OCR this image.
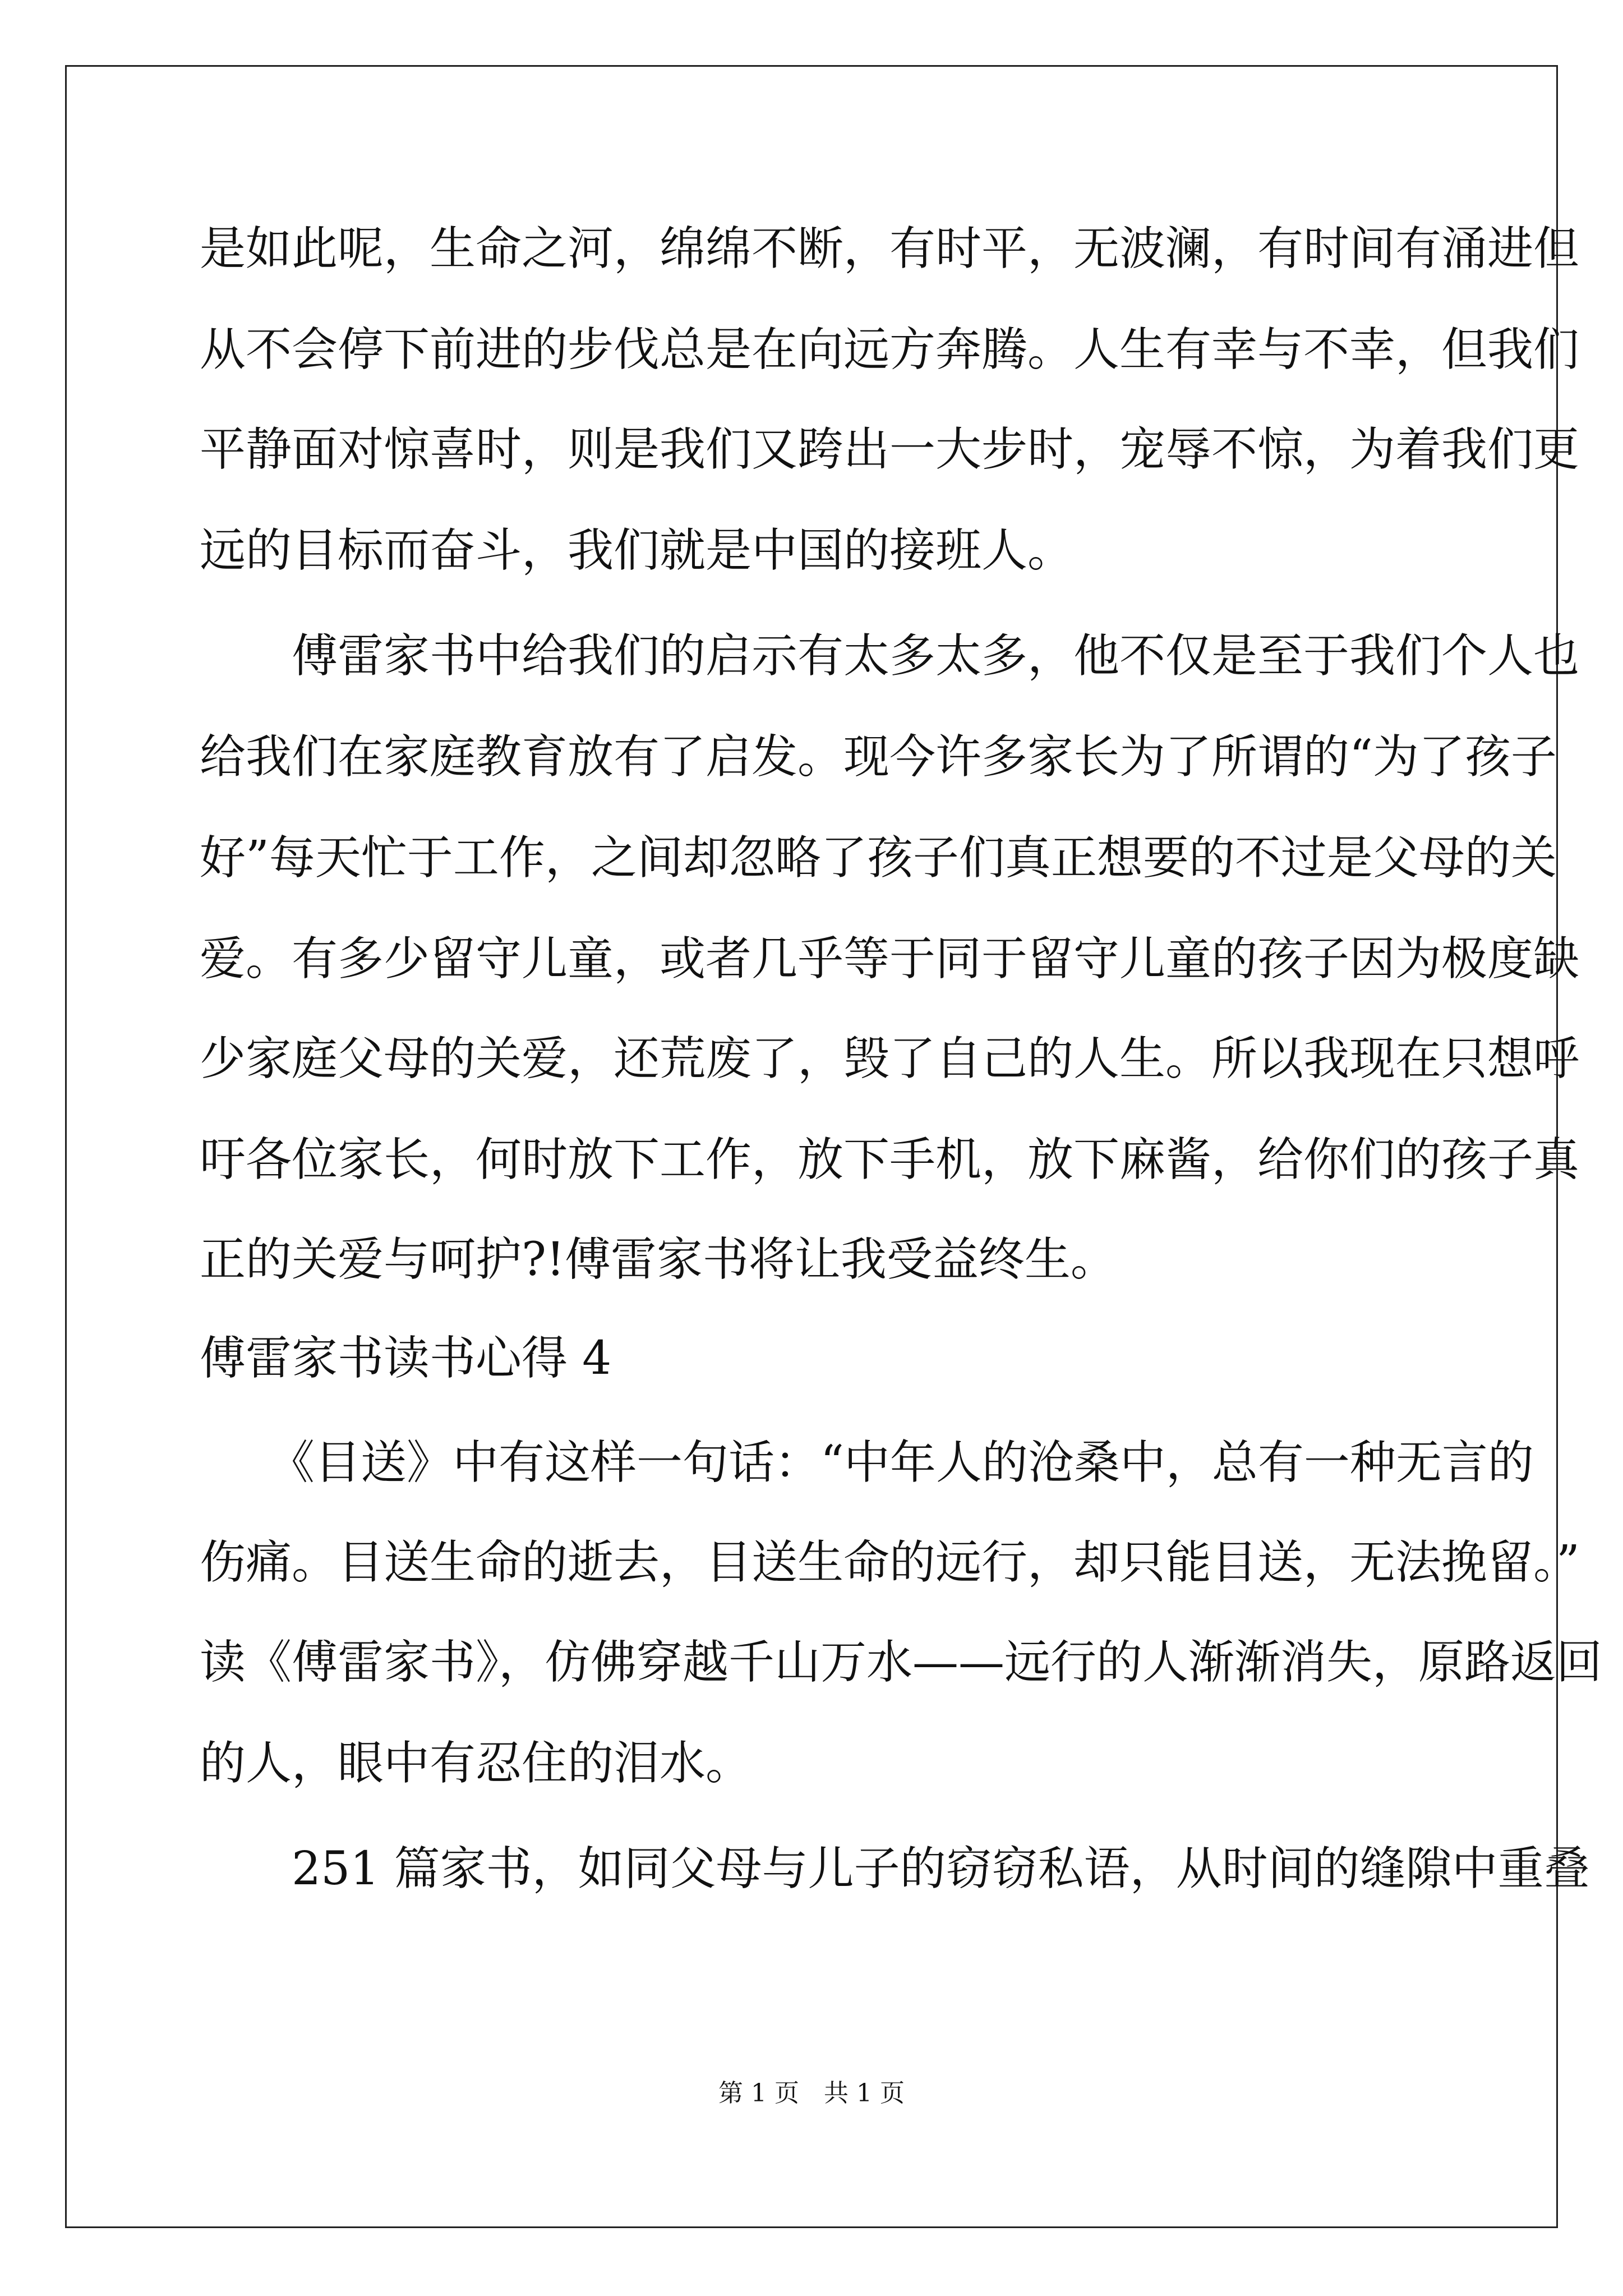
是如此呢，生命之河，绵绵不断，有时平，无波澜，有时间有涌进但

从不会停下前进的步伐总是在向远方奔腾。人生有幸与不幸，但我们

平静面对惊喜时，则是我们又跨出一大步时，宠辱不惊，为着我们更

远的目标而奋斗，我们就是中国的接班人。

　　傅雷家书中给我们的启示有太多太多，他不仅是至于我们个人也

给我们在家庭教育放有了启发。现今许多家长为了所谓的“为了孩子

好”每天忙于工作，之间却忽略了孩子们真正想要的不过是父母的关

爱。有多少留守儿童，或者几乎等于同于留守儿童的孩子因为极度缺

少家庭父母的关爱，还荒废了，毁了自己的人生。所以我现在只想呼

吁各位家长，何时放下工作，放下手机，放下麻酱，给你们的孩子真

正的关爱与呵护?!傅雷家书将让我受益终生。

傅雷家书读书心得 4

　　《目送》中有这样一句话：“中年人的沧桑中，总有一种无言的

伤痛。目送生命的逝去，目送生命的远行，却只能目送，无法挽留。”

读《傅雷家书》，仿佛穿越千山万水——远行的人渐渐消失，原路返回

的人，眼中有忍住的泪水。

　　251 篇家书，如同父母与儿子的窃窃私语，从时间的缝隙中重叠

第 1 页　共 1 页
